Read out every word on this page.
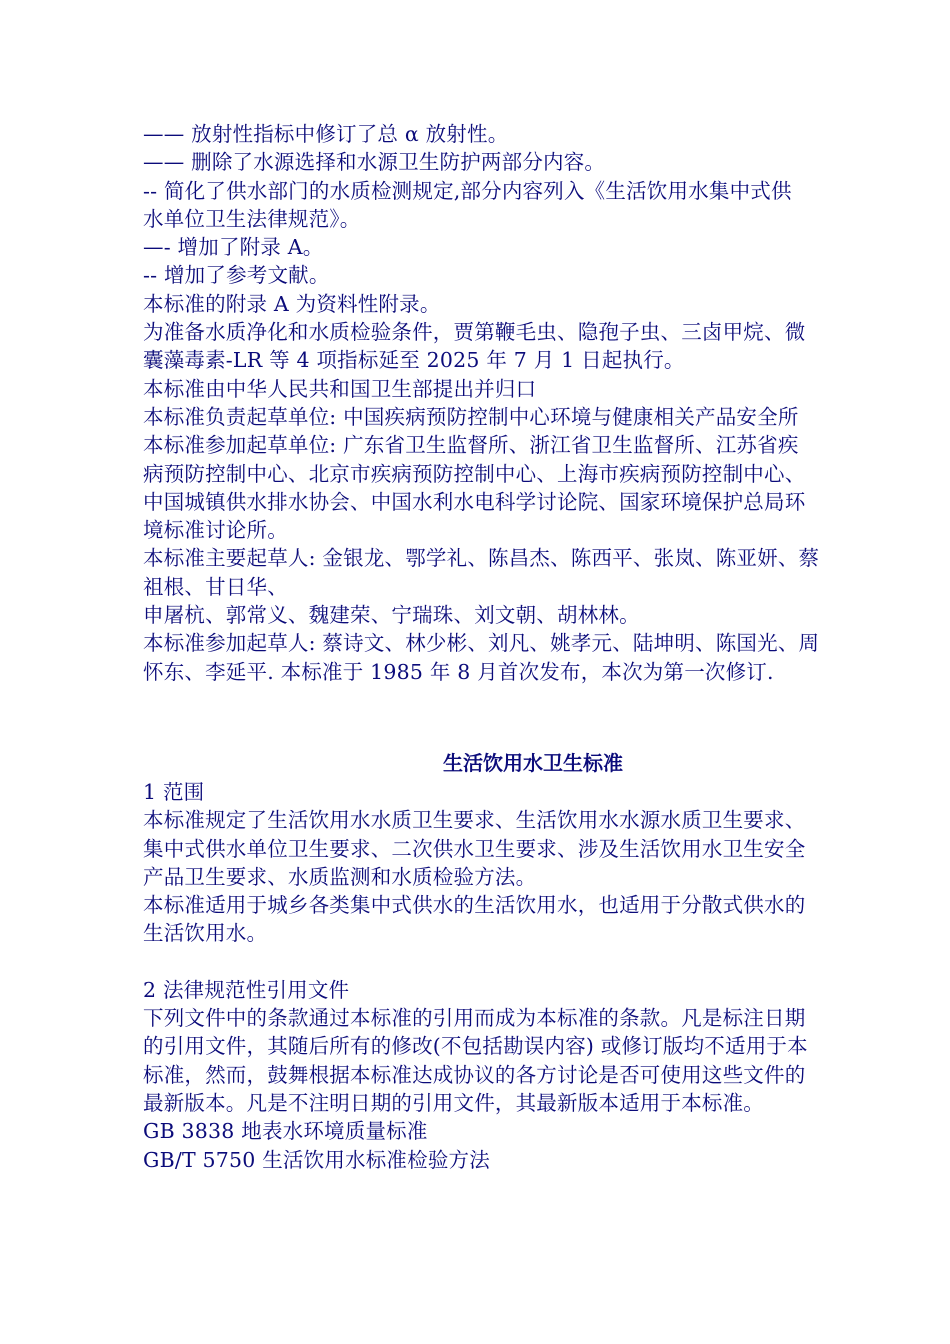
—— 放射性指标中修订了总 α 放射性。
—— 删除了水源选择和水源卫生防护两部分内容。
-- 简化了供水部门的水质检测规定,部分内容列入《生活饮用水集中式供
水单位卫生法律规范》。
—- 增加了附录 A。
-- 增加了参考文献。
本标准的附录 A 为资料性附录。
为准备水质净化和水质检验条件，贾第鞭毛虫、隐孢子虫、三卤甲烷、微
囊藻毒素-LR 等 4 项指标延至 2025 年 7 月 1 日起执行。
本标准由中华人民共和国卫生部提出并归口
本标准负责起草单位: 中国疾病预防控制中心环境与健康相关产品安全所
本标准参加起草单位: 广东省卫生监督所、浙江省卫生监督所、江苏省疾
病预防控制中心、北京市疾病预防控制中心、上海市疾病预防控制中心、
中国城镇供水排水协会、中国水利水电科学讨论院、国家环境保护总局环
境标准讨论所。
本标准主要起草人: 金银龙、鄂学礼、陈昌杰、陈西平、张岚、陈亚妍、蔡
祖根、甘日华、
申屠杭、郭常义、魏建荣、宁瑞珠、刘文朝、胡林林。
本标准参加起草人: 蔡诗文、林少彬、刘凡、姚孝元、陆坤明、陈国光、周
怀东、李延平. 本标准于 1985 年 8 月首次发布，本次为第一次修订.
生活饮用水卫生标准
1 范围
本标准规定了生活饮用水水质卫生要求、生活饮用水水源水质卫生要求、
集中式供水单位卫生要求、二次供水卫生要求、涉及生活饮用水卫生安全
产品卫生要求、水质监测和水质检验方法。
本标准适用于城乡各类集中式供水的生活饮用水，也适用于分散式供水的
生活饮用水。
2 法律规范性引用文件
下列文件中的条款通过本标准的引用而成为本标准的条款。凡是标注日期
的引用文件，其随后所有的修改(不包括勘误内容) 或修订版均不适用于本
标准，然而，鼓舞根据本标准达成协议的各方讨论是否可使用这些文件的
最新版本。凡是不注明日期的引用文件，其最新版本适用于本标准。
GB 3838 地表水环境质量标准
GB/T 5750 生活饮用水标准检验方法
